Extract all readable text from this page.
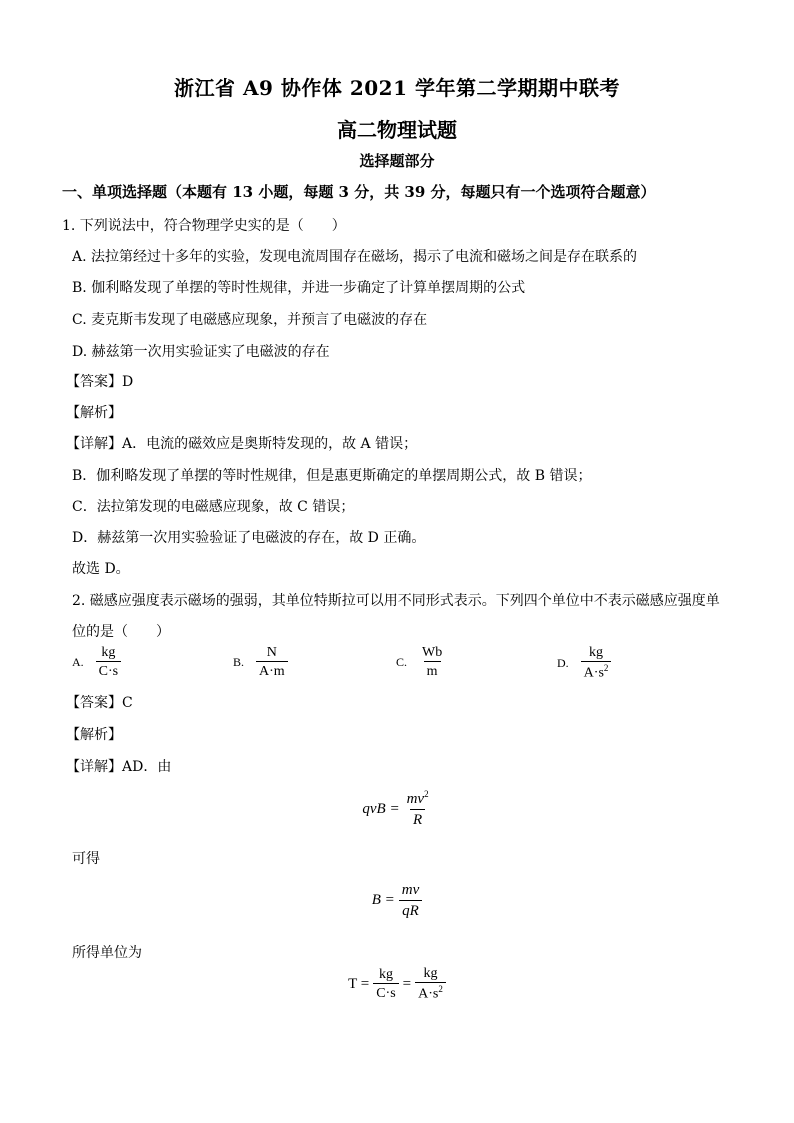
浙江省 A9 协作体 2021 学年第二学期期中联考
高二物理试题
选择题部分
一、单项选择题（本题有 13 小题，每题 3 分，共 39 分，每题只有一个选项符合题意）
1. 下列说法中，符合物理学史实的是（　　）
A. 法拉第经过十多年的实验，发现电流周围存在磁场，揭示了电流和磁场之间是存在联系的
B. 伽利略发现了单摆的等时性规律，并进一步确定了计算单摆周期的公式
C. 麦克斯韦发现了电磁感应现象，并预言了电磁波的存在
D. 赫兹第一次用实验证实了电磁波的存在
【答案】D
【解析】
【详解】A．电流的磁效应是奥斯特发现的，故 A 错误；
B．伽利略发现了单摆的等时性规律，但是惠更斯确定的单摆周期公式，故 B 错误；
C．法拉第发现的电磁感应现象，故 C 错误；
D．赫兹第一次用实验验证了电磁波的存在，故 D 正确。
故选 D。
2. 磁感应强度表示磁场的强弱，其单位特斯拉可以用不同形式表示。下列四个单位中不表示磁感应强度单
位的是（　　）
A. $\frac{kg}{C\cdot s}$	B. $\frac{N}{A\cdot m}$	C. $\frac{Wb}{m}$	D. $\frac{kg}{A\cdot s^2}$
【答案】C
【解析】
【详解】AD．由
qvB = $\frac{mv^2}{R}$
可得
$B = \frac{mv}{qR}$
所得单位为
$T = \frac{kg}{C\cdot s} = \frac{kg}{A\cdot s^2}$
